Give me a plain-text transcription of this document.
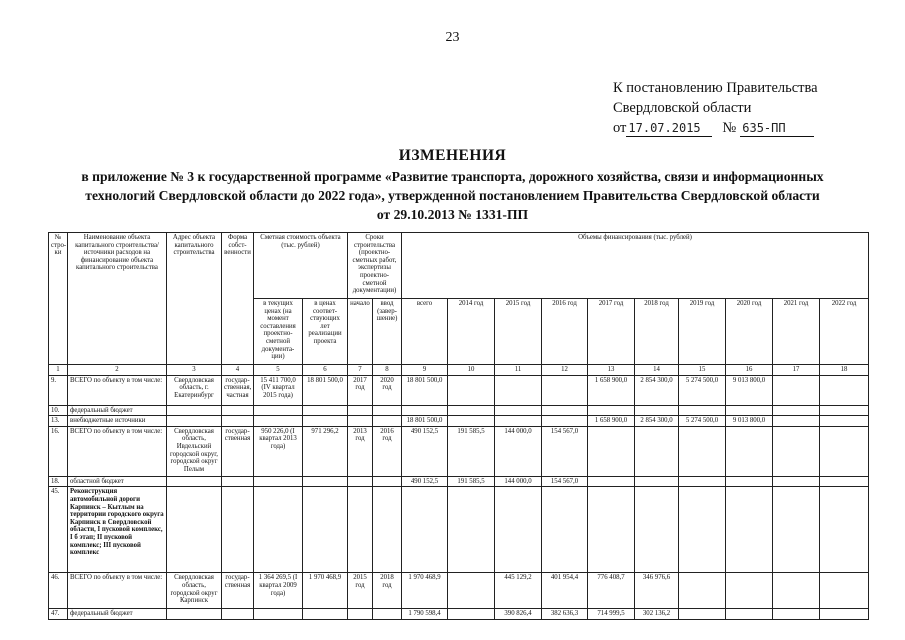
23
К постановлению Правительства
Свердловской области
от 17.07.2015	№ 635-ПП
ИЗМЕНЕНИЯ
в приложение № 3 к государственной программе «Развитие транспорта, дорожного хозяйства, связи и информационных технологий Свердловской области до 2022 года», утвержденной постановлением Правительства Свердловской области от 29.10.2013 № 1331-ПП
№ стро-ки	Наименование объекта капитального строительства/ источники расходов на финансирование объекта капитального строительства	Адрес объекта капитального строительства	Форма собст-венности	Сметная стоимость объекта (тыс. рублей)		Сроки строительства (проектно-сметных работ, экспертизы проектно-сметной документации)		Объемы финансирования (тыс. рублей)									
				в текущих ценах (на момент составления проектно-сметной документа-ции)	в ценах соответ-ствующих лет реализации проекта	начало	ввод (завер-шение)	всего	2014 год	2015 год	2016 год	2017 год	2018 год	2019 год	2020 год	2021 год	2022 год
1	2	3	4	5	6	7	8	9	10	11	12	13	14	15	16	17	18
9.	ВСЕГО по объекту в том числе:	Свердловская область, г. Екатеринбург	государ-ственная, частная	15 411 700,0 (IV квартал 2015 года)	18 801 500,0	2017 год	2020 год	18 801 500,0				1 658 900,0	2 854 300,0	5 274 500,0	9 013 800,0		
10.	федеральный бюджет																
13.	внебюджетные источники							18 801 500,0				1 658 900,0	2 854 300,0	5 274 500,0	9 013 800,0		
16.	ВСЕГО по объекту в том числе:	Свердловская область, Ивдельский городской округ, городской округ Пелым	государ-ственная	950 226,0 (I квартал 2013 года)	971 296,2	2013 год	2016 год	490 152,5	191 585,5	144 000,0	154 567,0						
18.	областной бюджет							490 152,5	191 585,5	144 000,0	154 567,0						
45.	Реконструкция автомобильной дороги Карпинск – Кытлым на территории городского округа Карпинск в Свердловской области, I пусковой комплекс, I б этап; II пусковой комплекс; III пусковой комплекс																
46.	ВСЕГО по объекту в том числе:	Свердловская область, городской округ Карпинск	государ-ственная	1 364 269,5 (I квартал 2009 года)	1 970 468,9	2015 год	2018 год	1 970 468,9		445 129,2	401 954,4	776 408,7	346 976,6				
47.	федеральный бюджет							1 790 598,4		390 826,4	382 636,3	714 999,5	302 136,2				
